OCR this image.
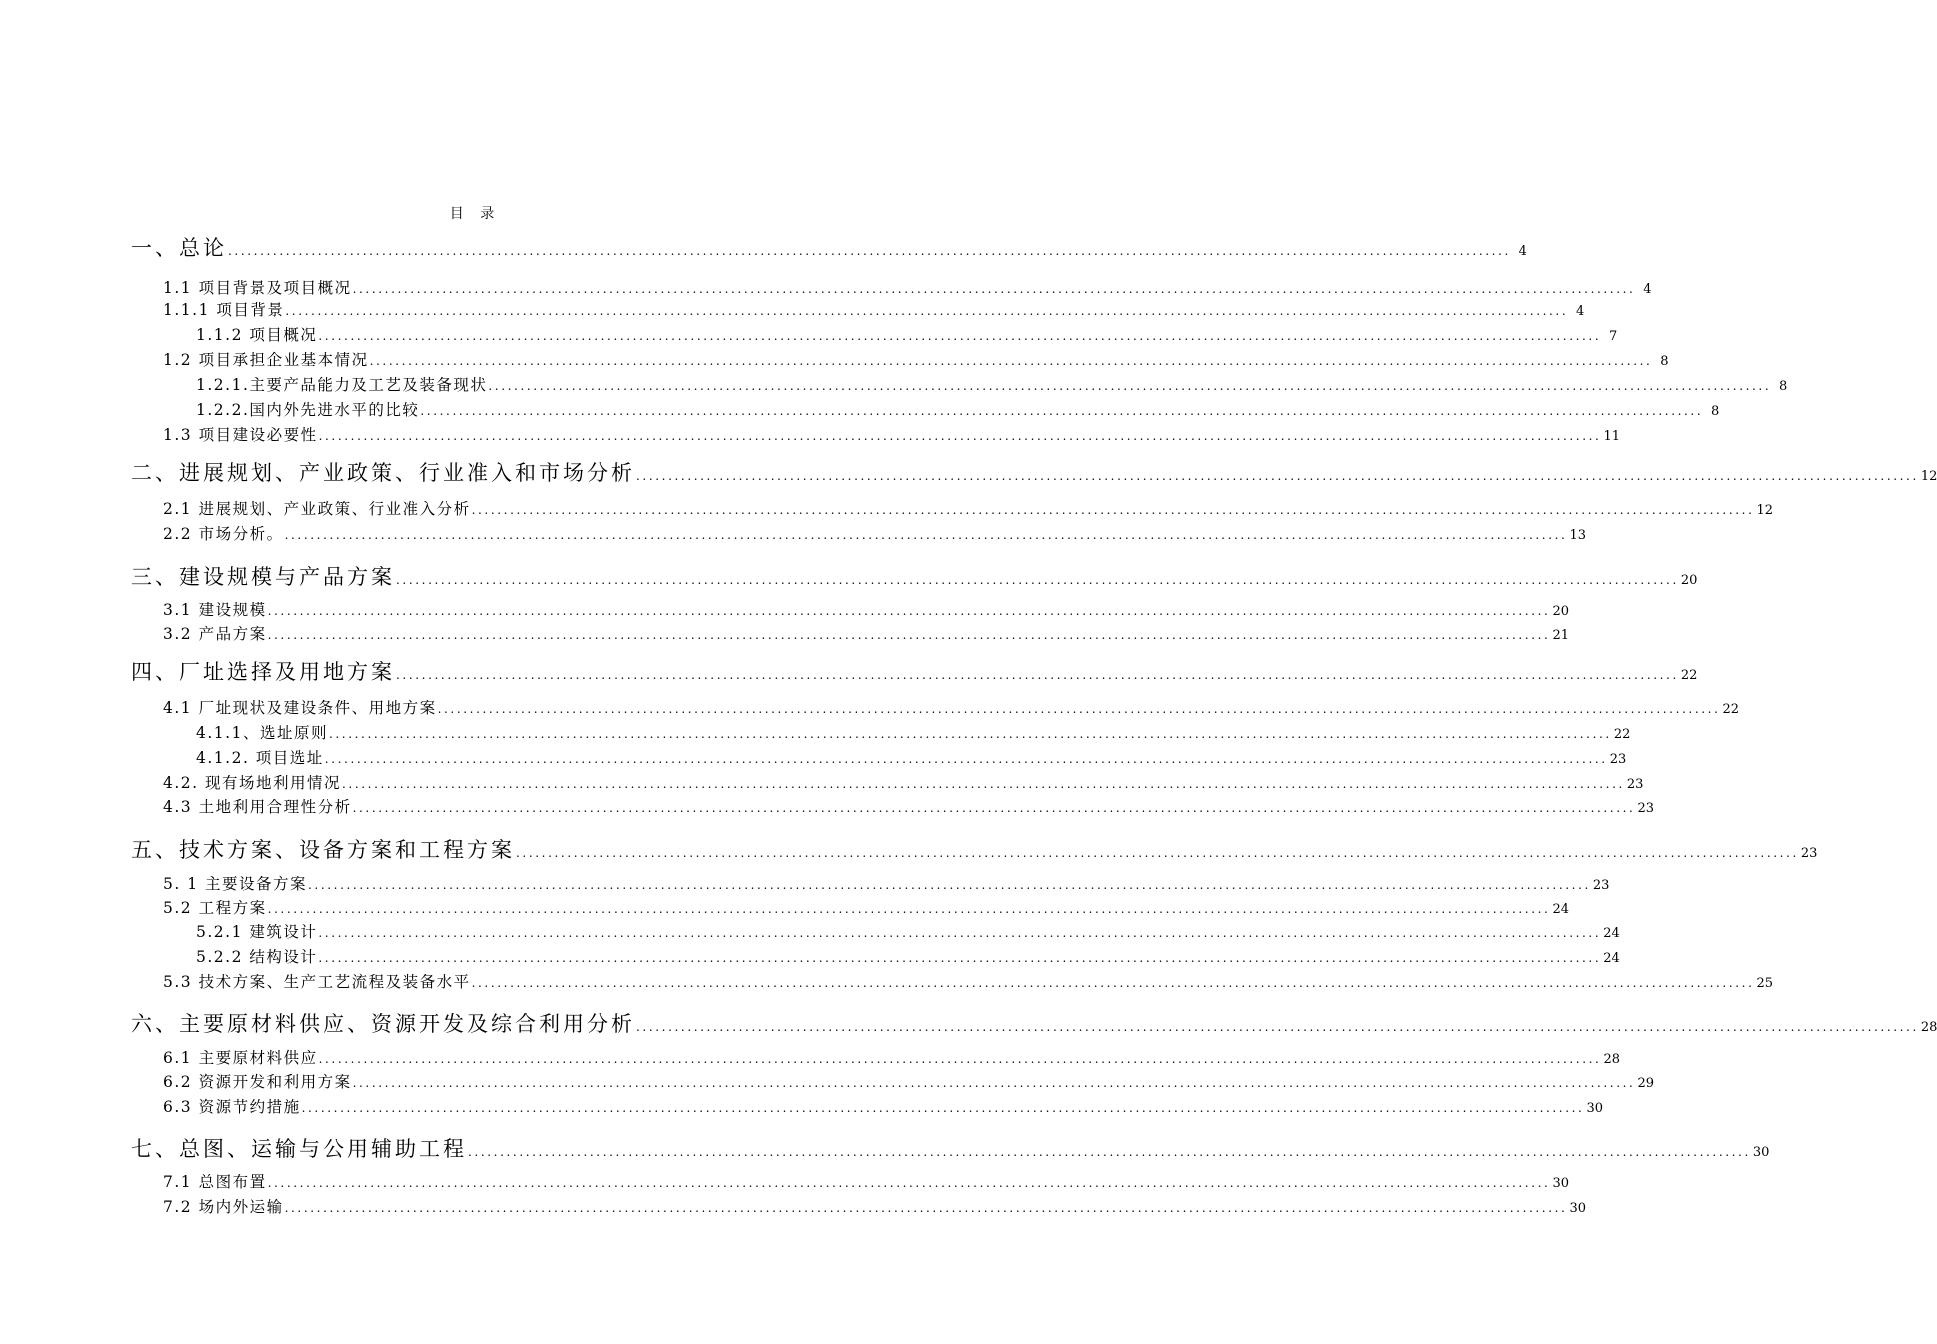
目 录
一、总论 ........................................................................................................................................................................................................ 4
1.1 项目背景及项目概况 ........................................................................................................................................................................................................ 4
1.1.1 项目背景 ........................................................................................................................................................................................................ 4
1.1.2 项目概况 ........................................................................................................................................................................................................ 7
1.2 项目承担企业基本情况 ........................................................................................................................................................................................................ 8
1.2.1.主要产品能力及工艺及装备现状 ........................................................................................................................................................................................................ 8
1.2.2.国内外先进水平的比较 ........................................................................................................................................................................................................ 8
1.3 项目建设必要性 ........................................................................................................................................................................................................ 11
二、进展规划、产业政策、行业准入和市场分析 ........................................................................................................................................................................................................ 12
2.1 进展规划、产业政策、行业准入分析 ........................................................................................................................................................................................................ 12
2.2 市场分析。 ........................................................................................................................................................................................................ 13
三、建设规模与产品方案 ........................................................................................................................................................................................................ 20
3.1 建设规模 ........................................................................................................................................................................................................ 20
3.2 产品方案 ........................................................................................................................................................................................................ 21
四、厂址选择及用地方案 ........................................................................................................................................................................................................ 22
4.1 厂址现状及建设条件、用地方案 ........................................................................................................................................................................................................ 22
4.1.1、选址原则 ........................................................................................................................................................................................................ 22
4.1.2. 项目选址 ........................................................................................................................................................................................................ 23
4.2. 现有场地利用情况 ........................................................................................................................................................................................................ 23
4.3 土地利用合理性分析 ........................................................................................................................................................................................................ 23
五、技术方案、设备方案和工程方案 ........................................................................................................................................................................................................ 23
5. 1 主要设备方案 ........................................................................................................................................................................................................ 23
5.2 工程方案 ........................................................................................................................................................................................................ 24
5.2.1 建筑设计 ........................................................................................................................................................................................................ 24
5.2.2 结构设计 ........................................................................................................................................................................................................ 24
5.3 技术方案、生产工艺流程及装备水平 ........................................................................................................................................................................................................ 25
六、主要原材料供应、资源开发及综合利用分析 ........................................................................................................................................................................................................ 28
6.1 主要原材料供应 ........................................................................................................................................................................................................ 28
6.2 资源开发和利用方案 ........................................................................................................................................................................................................ 29
6.3 资源节约措施 ........................................................................................................................................................................................................ 30
七、总图、运输与公用辅助工程 ........................................................................................................................................................................................................ 30
7.1 总图布置 ........................................................................................................................................................................................................ 30
7.2 场内外运输 ........................................................................................................................................................................................................ 30
